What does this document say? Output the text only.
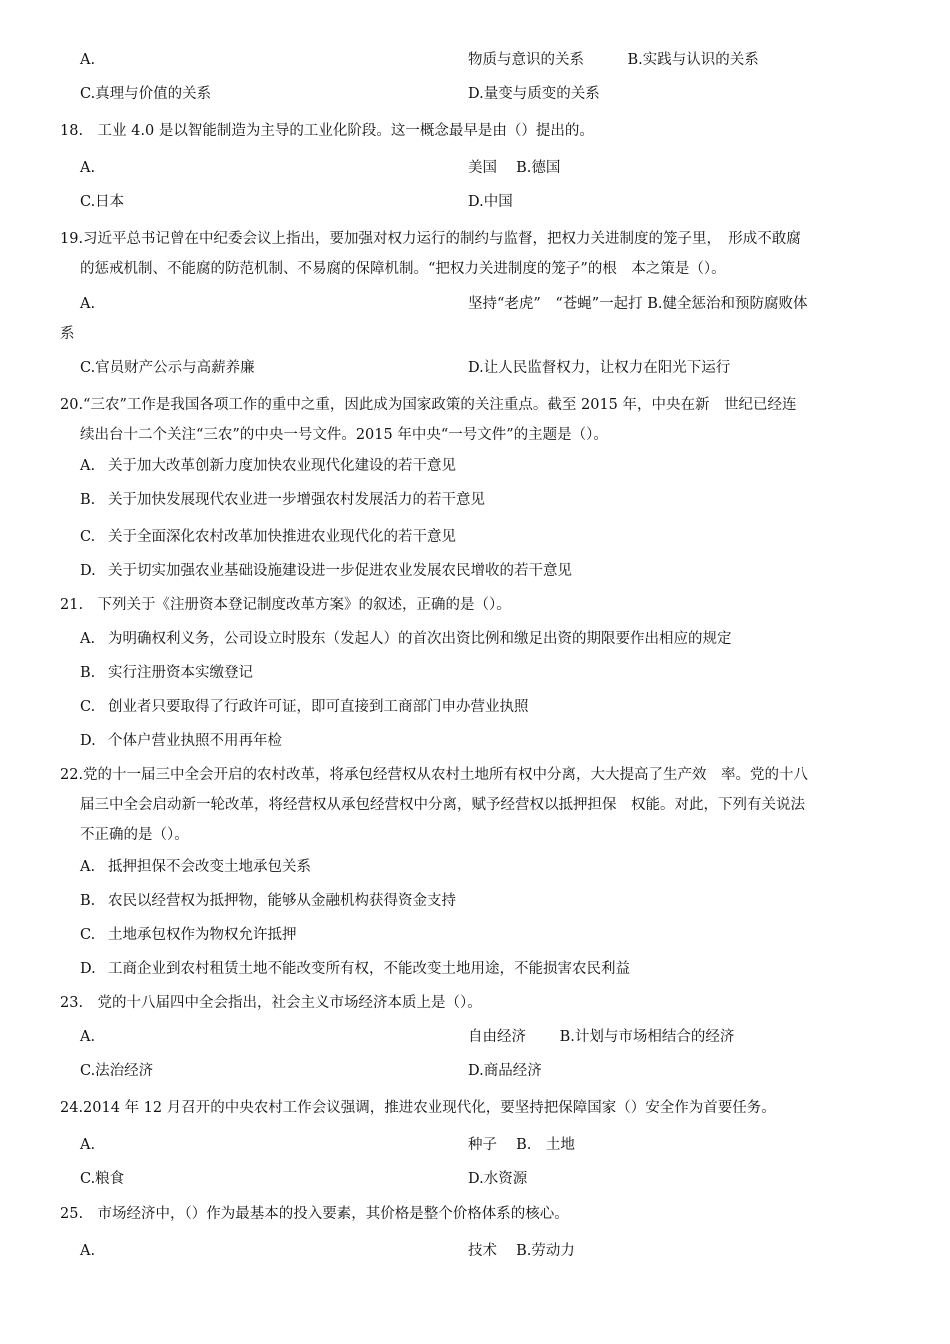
A.	物质与意识的关系　　　B.实践与认识的关系
C.真理与价值的关系	D.量变与质变的关系
18.　工业 4.0 是以智能制造为主导的工业化阶段。这一概念最早是由（）提出的。
A.	美国　 B.德国
C.日本	D.中国
19.习近平总书记曾在中纪委会议上指出，要加强对权力运行的制约与监督，把权力关进制度的笼子里，　形成不敢腐
的惩戒机制、不能腐的防范机制、不易腐的保障机制。“把权力关进制度的笼子”的根　本之策是（）。
A.	坚持“老虎”　“苍蝇”一起打 B.健全惩治和预防腐败体
系
C.官员财产公示与高薪养廉	D.让人民监督权力，让权力在阳光下运行
20.“三农”工作是我国各项工作的重中之重，因此成为国家政策的关注重点。截至 2015 年，中央在新　世纪已经连
续出台十二个关注“三农”的中央一号文件。2015 年中央“一号文件”的主题是（）。
A. 关于加大改革创新力度加快农业现代化建设的若干意见
B. 关于加快发展现代农业进一步增强农村发展活力的若干意见
C. 关于全面深化农村改革加快推进农业现代化的若干意见
D. 关于切实加强农业基础设施建设进一步促进农业发展农民增收的若干意见
21.　下列关于《注册资本登记制度改革方案》的叙述，正确的是（）。
A. 为明确权利义务，公司设立时股东（发起人）的首次出资比例和缴足出资的期限要作出相应的规定
B. 实行注册资本实缴登记
C. 创业者只要取得了行政许可证，即可直接到工商部门申办营业执照
D. 个体户营业执照不用再年检
22.党的十一届三中全会开启的农村改革，将承包经营权从农村土地所有权中分离，大大提高了生产效　率。党的十八
届三中全会启动新一轮改革，将经营权从承包经营权中分离，赋予经营权以抵押担保　权能。对此，下列有关说法
不正确的是（）。
A. 抵押担保不会改变土地承包关系
B. 农民以经营权为抵押物，能够从金融机构获得资金支持
C. 土地承包权作为物权允许抵押
D. 工商企业到农村租赁土地不能改变所有权，不能改变土地用途，不能损害农民利益
23.　党的十八届四中全会指出，社会主义市场经济本质上是（）。
A.	自由经济　　 B.计划与市场相结合的经济
C.法治经济	D.商品经济
24.2014 年 12 月召开的中央农村工作会议强调，推进农业现代化，要坚持把保障国家（）安全作为首要任务。
A.	种子　 B.　土地
C.粮食	D.水资源
25.　市场经济中，（）作为最基本的投入要素，其价格是整个价格体系的核心。
A.	技术　 B.劳动力
